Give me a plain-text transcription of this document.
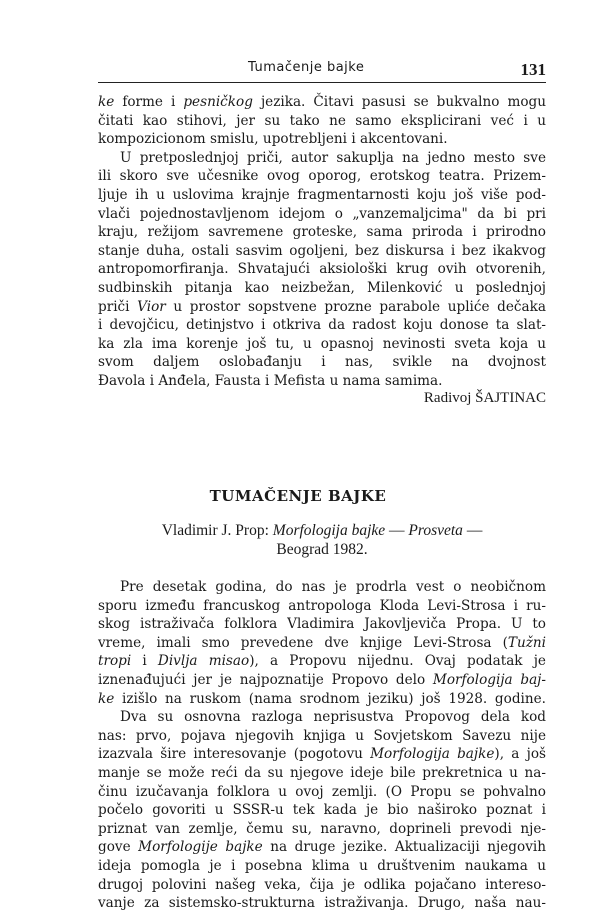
Tumačenje bajke	131
ke forme i pesničkog jezika. Čitavi pasusi se bukvalno mogu
čitati kao stihovi, jer su tako ne samo eksplicirani već i u
kompozicionom smislu, upotrebljeni i akcentovani.
U pretposlednjoj priči, autor sakuplja na jedno mesto sve
ili skoro sve učesnike ovog oporog, erotskog teatra. Prizem-
ljuje ih u uslovima krajnje fragmentarnosti koju još više pod-
vlači pojednostavljenom idejom o „vanzemaljcima" da bi pri
kraju, režijom savremene groteske, sama priroda i prirodno
stanje duha, ostali sasvim ogoljeni, bez diskursa i bez ikakvog
antropomorfiranja. Shvatajući aksiološki krug ovih otvorenih,
sudbinskih pitanja kao neizbežan, Milenković u poslednjoj
priči Vior u prostor sopstvene prozne parabole upliće dečaka
i devojčicu, detinjstvo i otkriva da radost koju donose ta slat-
ka zla ima korenje još tu, u opasnoj nevinosti sveta koja u
svom daljem oslobađanju i nas, svikle na dvojnost
Đavola i Anđela, Fausta i Mefista u nama samima.
Radivoj ŠAJTINAC
TUMAČENJE BAJKE
Vladimir J. Prop: Morfologija bajke — Prosveta —
Beograd 1982.
Pre desetak godina, do nas je prodrla vest o neobičnom
sporu između francuskog antropologa Kloda Levi-Strosa i ru-
skog istraživača folklora Vladimira Jakovljeviča Propa. U to
vreme, imali smo prevedene dve knjige Levi-Strosa (Tužni
tropi i Divlja misao), a Propovu nijednu. Ovaj podatak je
iznenađujući jer je najpoznatije Propovo delo Morfologija baj-
ke izišlo na ruskom (nama srodnom jeziku) još 1928. godine.
Dva su osnovna razloga neprisustva Propovog dela kod
nas: prvo, pojava njegovih knjiga u Sovjetskom Savezu nije
izazvala šire interesovanje (pogotovu Morfologija bajke), a još
manje se može reći da su njegove ideje bile prekretnica u na-
činu izučavanja folklora u ovoj zemlji. (O Propu se pohvalno
počelo govoriti u SSSR-u tek kada je bio naširoko poznat i
priznat van zemlje, čemu su, naravno, doprineli prevodi nje-
gove Morfologije bajke na druge jezike. Aktualizaciji njegovih
ideja pomogla je i posebna klima u društvenim naukama u
drugoj polovini našeg veka, čija je odlika pojačano intereso-
vanje za sistemsko-strukturna istraživanja. Drugo, naša nau-
